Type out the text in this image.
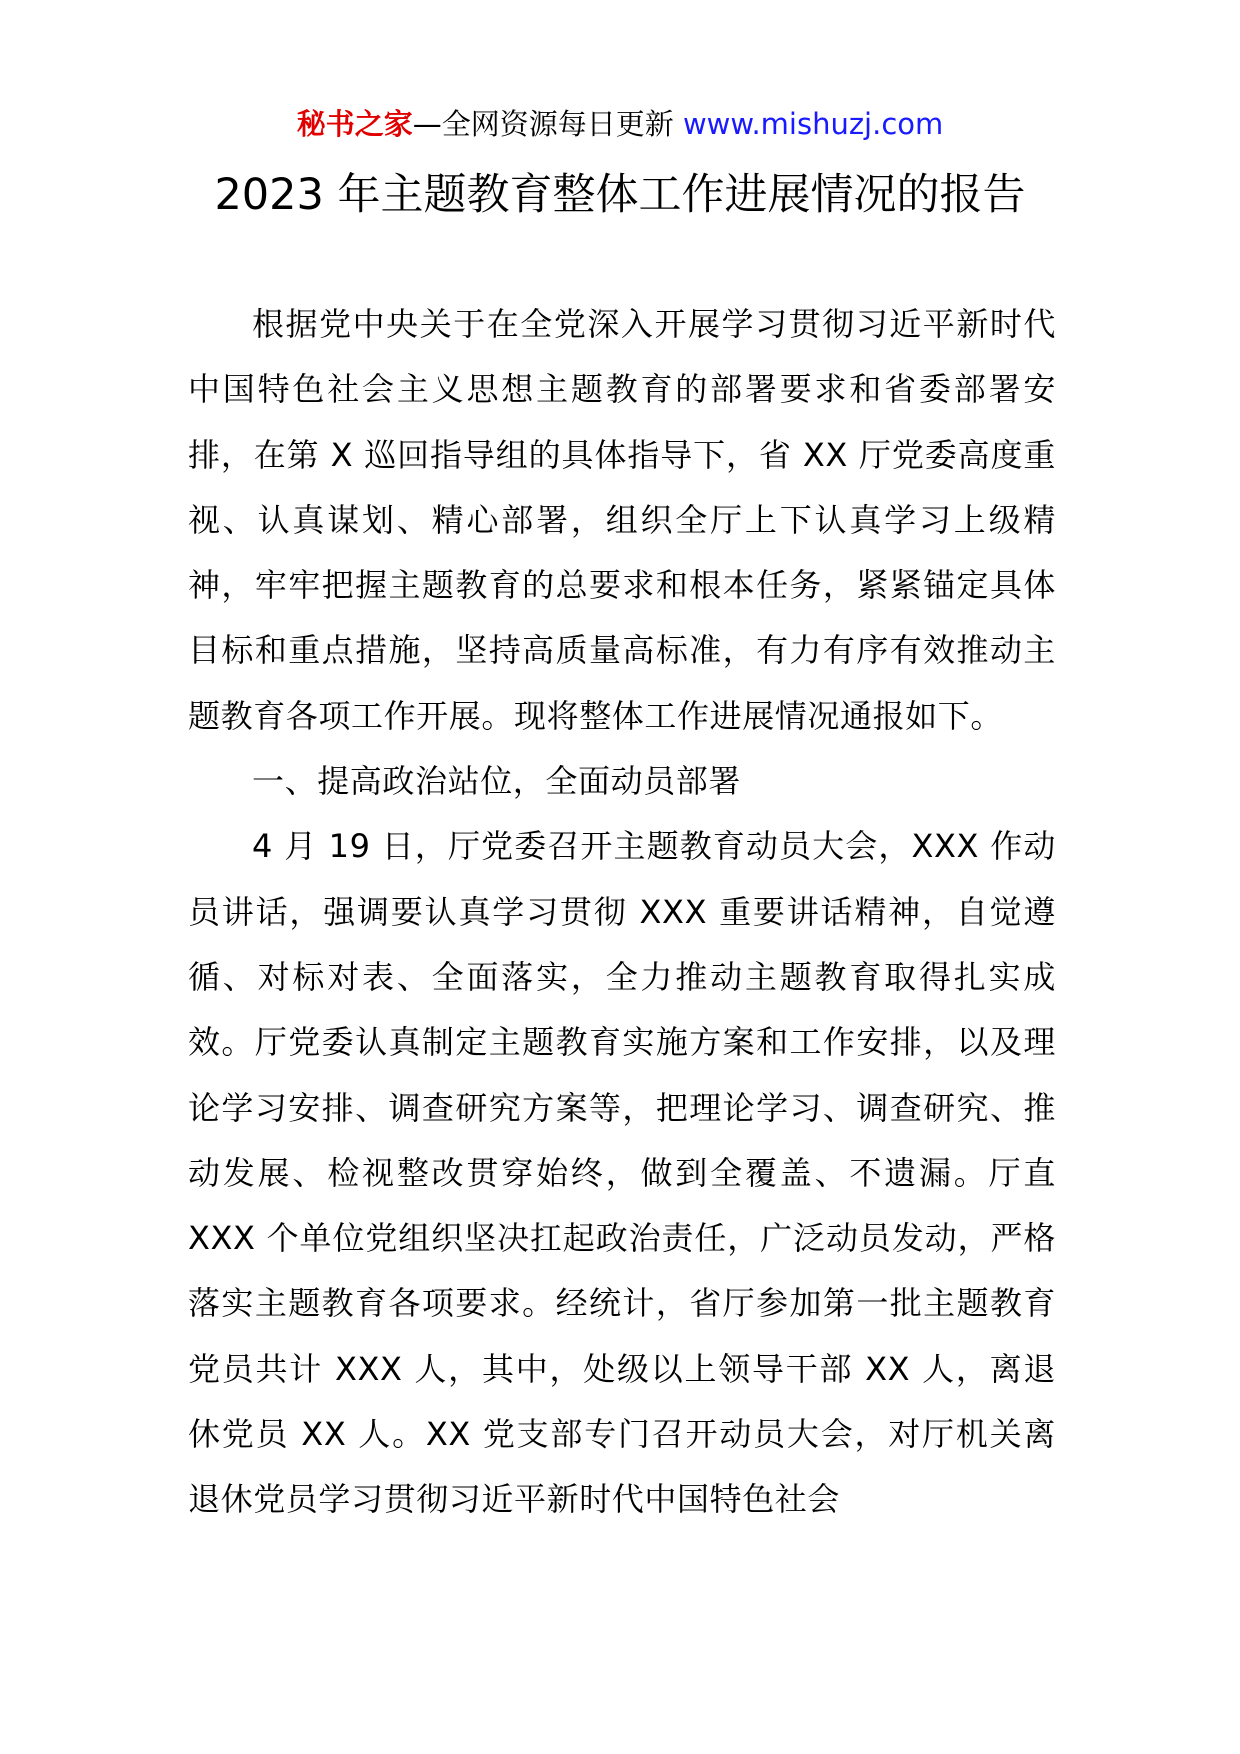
秘书之家—全网资源每日更新 www.mishuzj.com
2023 年主题教育整体工作进展情况的报告

根据党中央关于在全党深入开展学习贯彻习近平新时代中国特色社会主义思想主题教育的部署要求和省委部署安排，在第 X 巡回指导组的具体指导下，省 XX 厅党委高度重视、认真谋划、精心部署，组织全厅上下认真学习上级精神，牢牢把握主题教育的总要求和根本任务，紧紧锚定具体目标和重点措施，坚持高质量高标准，有力有序有效推动主题教育各项工作开展。现将整体工作进展情况通报如下。

一、提高政治站位，全面动员部署

4 月 19 日，厅党委召开主题教育动员大会，XXX 作动员讲话，强调要认真学习贯彻 XXX 重要讲话精神，自觉遵循、对标对表、全面落实，全力推动主题教育取得扎实成效。厅党委认真制定主题教育实施方案和工作安排，以及理论学习安排、调查研究方案等，把理论学习、调查研究、推动发展、检视整改贯穿始终，做到全覆盖、不遗漏。厅直 XXX 个单位党组织坚决扛起政治责任，广泛动员发动，严格落实主题教育各项要求。经统计，省厅参加第一批主题教育党员共计 XXX 人，其中，处级以上领导干部 XX 人，离退休党员 XX 人。XX 党支部专门召开动员大会，对厅机关离退休党员学习贯彻习近平新时代中国特色社会
